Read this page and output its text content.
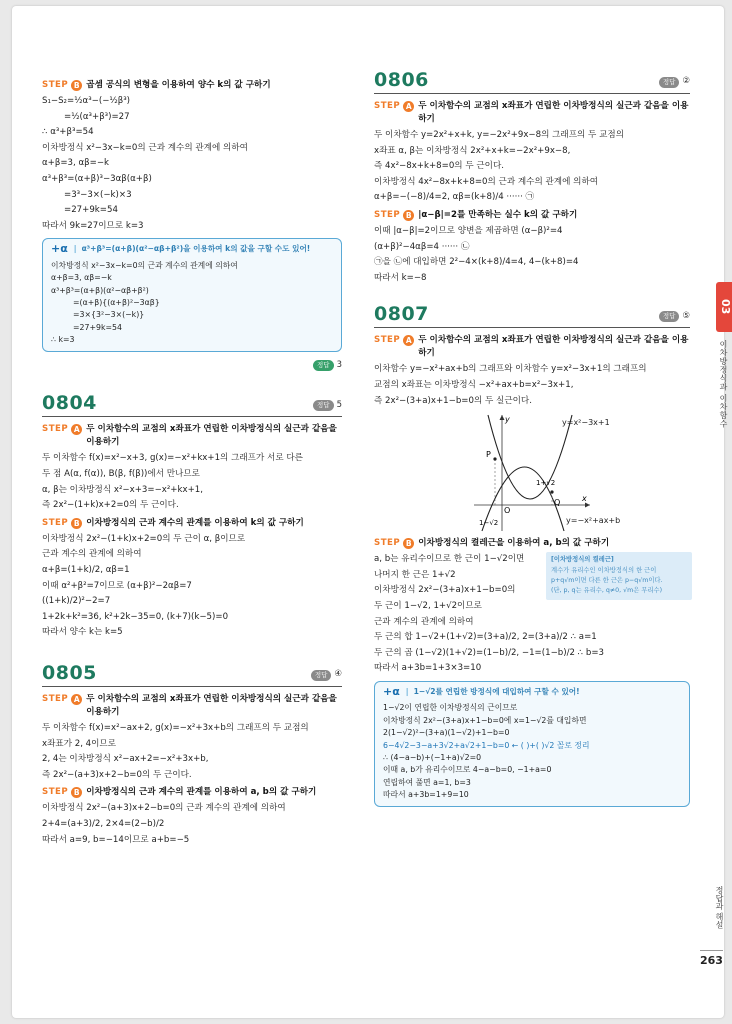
STEP B 곱셈 공식의 변형을 이용하여 양수 k의 값 구하기
S₁−S₂=½α³−(−½β³)
=½(α³+β³)=27
∴ α³+β³=54
이차방정식 x²−3x−k=0의 근과 계수의 관계에 의하여
α+β=3, αβ=−k
α³+β³=(α+β)³−3αβ(α+β)
=3³−3×(−k)×3
=27+9k=54
따라서 9k=27이므로 k=3
+α | α³+β³=(α+β)(α²−αβ+β²)을 이용하여 k의 값을 구할 수도 있어!
이차방정식 x²−3x−k=0의 근과 계수의 관계에 의하여
α+β=3, αβ=−k
α³+β³=(α+β)(α²−αβ+β²)
=(α+β){(α+β)²−3αβ}
=3×{3²−3×(−k)}
=27+9k=54
∴ k=3
정답 3
0804	정답 5
STEP A 두 이차함수의 교점의 x좌표가 연립한 이차방정식의 실근과 같음을 이용하기
두 이차함수 f(x)=x²−x+3, g(x)=−x²+kx+1의 그래프가 서로 다른
두 점 A(α, f(α)), B(β, f(β))에서 만나므로
α, β는 이차방정식 x²−x+3=−x²+kx+1,
즉 2x²−(1+k)x+2=0의 두 근이다.
STEP B 이차방정식의 근과 계수의 관계를 이용하여 k의 값 구하기
이차방정식 2x²−(1+k)x+2=0의 두 근이 α, β이므로
근과 계수의 관계에 의하여
α+β=(1+k)/2, αβ=1
이때 α²+β²=7이므로 (α+β)²−2αβ=7
((1+k)/2)²−2=7
1+2k+k²=36, k²+2k−35=0, (k+7)(k−5)=0
따라서 양수 k는 k=5
0805	정답 ④
STEP A 두 이차함수의 교점의 x좌표가 연립한 이차방정식의 실근과 같음을 이용하기
두 이차함수 f(x)=x²−ax+2, g(x)=−x²+3x+b의 그래프의 두 교점의
x좌표가 2, 4이므로
2, 4는 이차방정식 x²−ax+2=−x²+3x+b,
즉 2x²−(a+3)x+2−b=0의 두 근이다.
STEP B 이차방정식의 근과 계수의 관계를 이용하여 a, b의 값 구하기
이차방정식 2x²−(a+3)x+2−b=0의 근과 계수의 관계에 의하여
2+4=(a+3)/2, 2×4=(2−b)/2
따라서 a=9, b=−14이므로 a+b=−5
0806	정답 ②
STEP A 두 이차함수의 교점의 x좌표가 연립한 이차방정식의 실근과 같음을 이용하기
두 이차함수 y=2x²+x+k, y=−2x²+9x−8의 그래프의 두 교점의
x좌표 α, β는 이차방정식 2x²+x+k=−2x²+9x−8,
즉 4x²−8x+k+8=0의 두 근이다.
이차방정식 4x²−8x+k+8=0의 근과 계수의 관계에 의하여
α+β=−(−8)/4=2, αβ=(k+8)/4 ······ ㉠
STEP B |α−β|=2를 만족하는 실수 k의 값 구하기
이때 |α−β|=2이므로 양변을 제곱하면 (α−β)²=4
(α+β)²−4αβ=4 ······ ㉡
㉠을 ㉡에 대입하면 2²−4×(k+8)/4=4, 4−(k+8)=4
따라서 k=−8
0807	정답 ⑤
STEP A 두 이차함수의 교점의 x좌표가 연립한 이차방정식의 실근과 같음을 이용하기
이차함수 y=−x²+ax+b의 그래프와 이차함수 y=x²−3x+1의 그래프의
교점의 x좌표는 이차방정식 −x²+ax+b=x²−3x+1,
즉 2x²−(3+a)x+1−b=0의 두 실근이다.
P
Q
O
x
y
1+√2
1−√2
y=x²−3x+1
y=−x²+ax+b
STEP B 이차방정식의 켤레근을 이용하여 a, b의 값 구하기
[이차방정식의 켤레근]
계수가 유리수인 이차방정식의 한 근이
p+q√m이면 다른 한 근은 p−q√m이다.
(단, p, q는 유리수, q≠0, √m은 무리수)
a, b는 유리수이므로 한 근이 1−√2이면
나머지 한 근은 1+√2
이차방정식 2x²−(3+a)x+1−b=0의
두 근이 1−√2, 1+√2이므로
근과 계수의 관계에 의하여
두 근의 합 1−√2+(1+√2)=(3+a)/2, 2=(3+a)/2 ∴ a=1
두 근의 곱 (1−√2)(1+√2)=(1−b)/2, −1=(1−b)/2 ∴ b=3
따라서 a+3b=1+3×3=10
+α | 1−√2를 연립한 방정식에 대입하여 구할 수 있어!
1−√2이 연립한 이차방정식의 근이므로
이차방정식 2x²−(3+a)x+1−b=0에 x=1−√2를 대입하면
2(1−√2)²−(3+a)(1−√2)+1−b=0
6−4√2−3−a+3√2+a√2+1−b=0 ← ( )+( )√2 꼴로 정리
∴ (4−a−b)+(−1+a)√2=0
이때 a, b가 유리수이므로 4−a−b=0, −1+a=0
연립하여 풀면 a=1, b=3
따라서 a+3b=1+9=10
03
이차방정식과 이차함수
정답과 해설
263
